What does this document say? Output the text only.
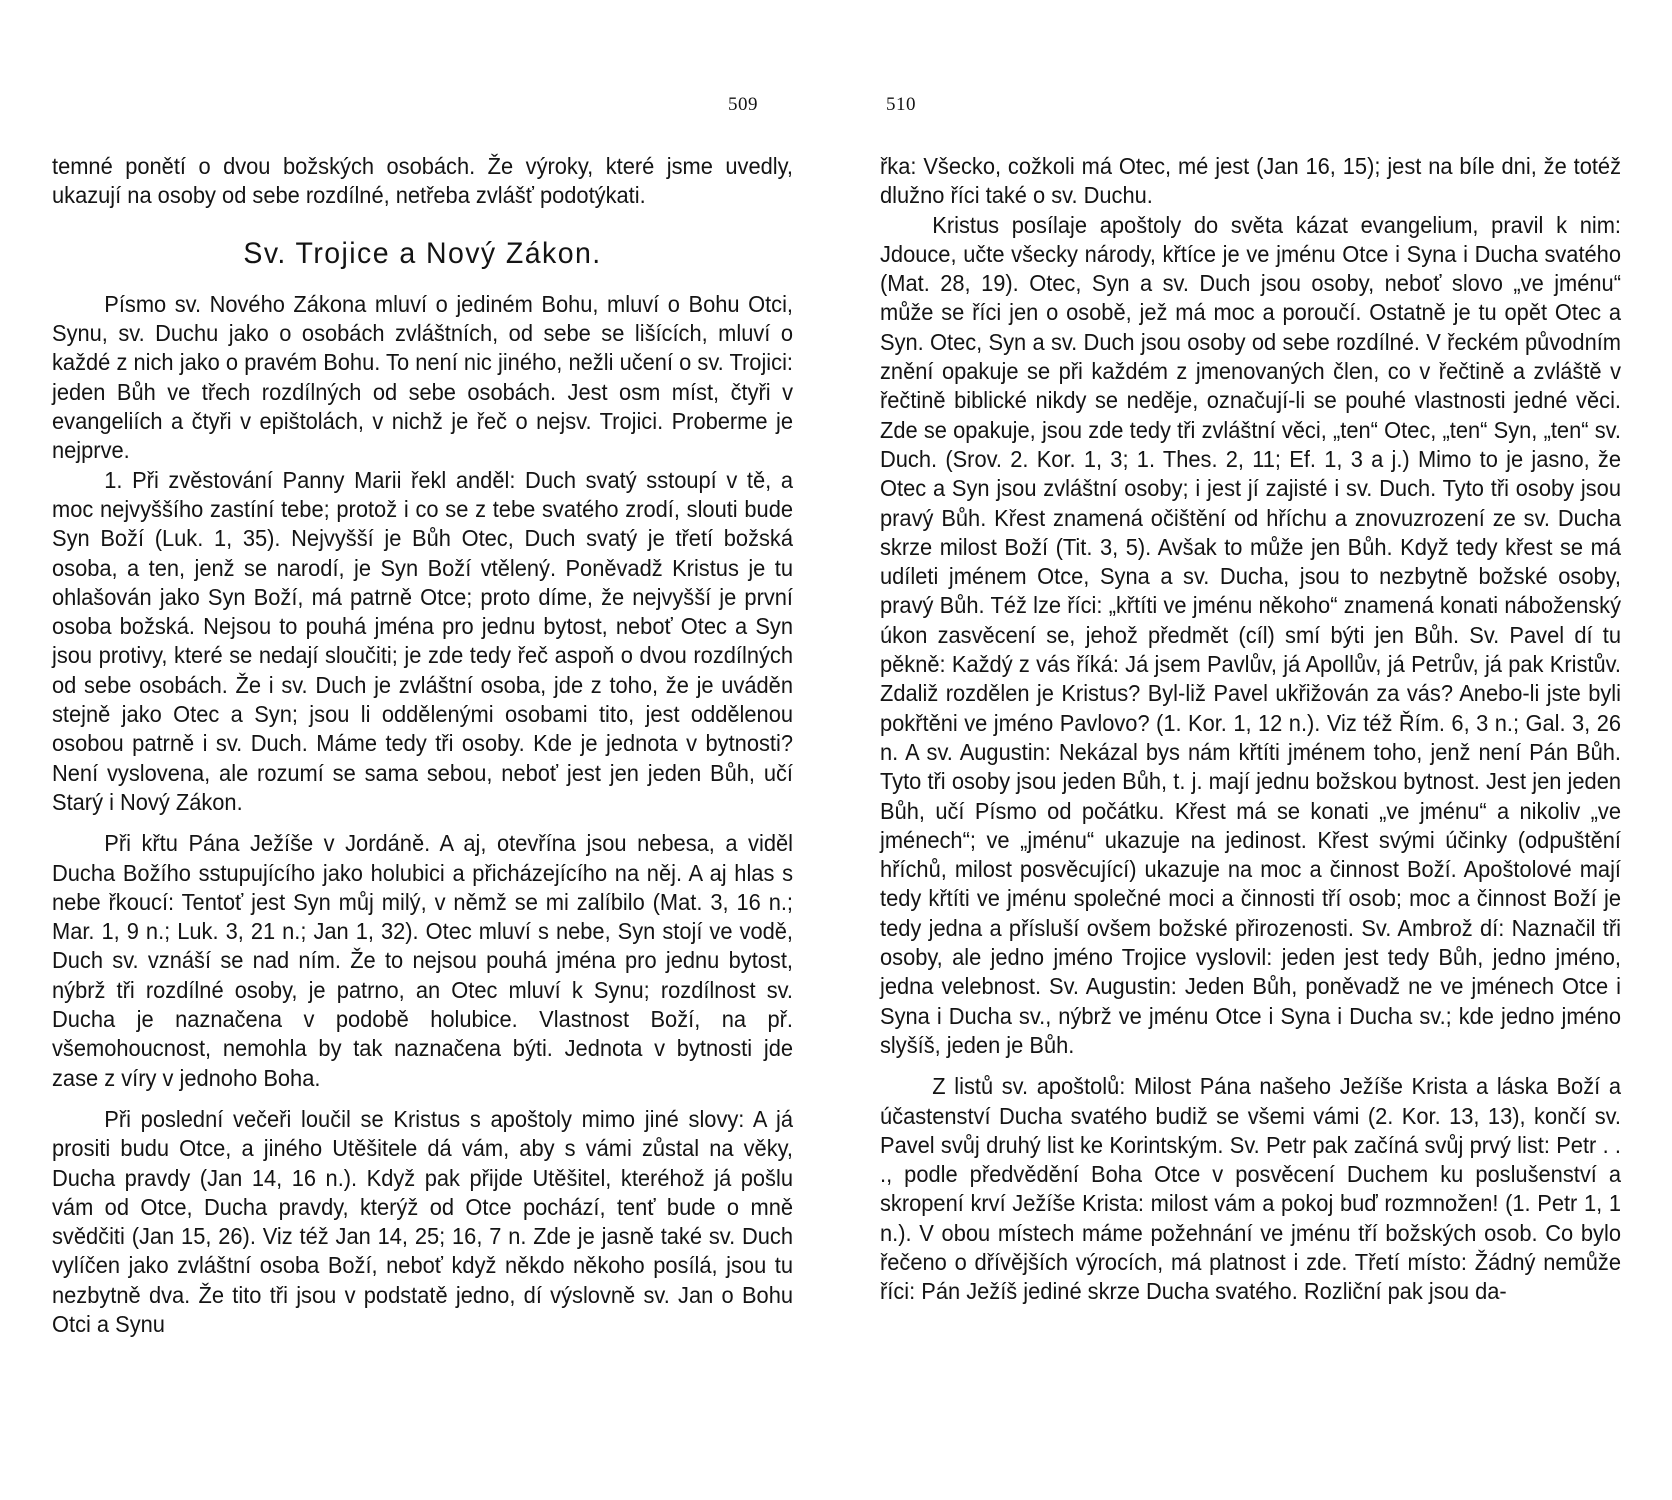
509

temné ponětí o dvou božských osobách. Že výroky, které jsme uvedly, ukazují na osoby od sebe rozdílné, netřeba zvlášť podotýkati.

Sv. Trojice a Nový Zákon.

Písmo sv. Nového Zákona mluví o jediném Bohu, mluví o Bohu Otci, Synu, sv. Duchu jako o osobách zvláštních, od sebe se lišících, mluví o každé z nich jako o pravém Bohu. To není nic jiného, nežli učení o sv. Trojici: jeden Bůh ve třech rozdílných od sebe osobách. Jest osm míst, čtyři v evangeliích a čtyři v epištolách, v nichž je řeč o nejsv. Trojici. Proberme je nejprve.

1. Při zvěstování Panny Marii řekl anděl: Duch svatý sstoupí v tě, a moc nejvyššího zastíní tebe; protož i co se z tebe svatého zrodí, slouti bude Syn Boží (Luk. 1, 35). Nejvyšší je Bůh Otec, Duch svatý je třetí božská osoba, a ten, jenž se narodí, je Syn Boží vtělený. Poněvadž Kristus je tu ohlašován jako Syn Boží, má patrně Otce; proto díme, že nejvyšší je první osoba božská. Nejsou to pouhá jména pro jednu bytost, neboť Otec a Syn jsou protivy, které se nedají sloučiti; je zde tedy řeč aspoň o dvou rozdílných od sebe osobách. Že i sv. Duch je zvláštní osoba, jde z toho, že je uváděn stejně jako Otec a Syn; jsou li oddělenými osobami tito, jest oddělenou osobou patrně i sv. Duch. Máme tedy tři osoby. Kde je jednota v bytnosti? Není vyslovena, ale rozumí se sama sebou, neboť jest jen jeden Bůh, učí Starý i Nový Zákon.

Při křtu Pána Ježíše v Jordáně. A aj, otevřína jsou nebesa, a viděl Ducha Božího sstupujícího jako holubici a přicházejícího na něj. A aj hlas s nebe řkoucí: Tentoť jest Syn můj milý, v němž se mi zalíbilo (Mat. 3, 16 n.; Mar. 1, 9 n.; Luk. 3, 21 n.; Jan 1, 32). Otec mluví s nebe, Syn stojí ve vodě, Duch sv. vznáší se nad ním. Že to nejsou pouhá jména pro jednu bytost, nýbrž tři rozdílné osoby, je patrno, an Otec mluví k Synu; rozdílnost sv. Ducha je naznačena v podobě holubice. Vlastnost Boží, na př. všemohoucnost, nemohla by tak naznačena býti. Jednota v bytnosti jde zase z víry v jednoho Boha.

Při poslední večeři loučil se Kristus s apoštoly mimo jiné slovy: A já prositi budu Otce, a jiného Utěšitele dá vám, aby s vámi zůstal na věky, Ducha pravdy (Jan 14, 16 n.). Když pak přijde Utěšitel, kteréhož já pošlu vám od Otce, Ducha pravdy, kterýž od Otce pochází, tenť bude o mně svědčiti (Jan 15, 26). Viz též Jan 14, 25; 16, 7 n. Zde je jasně také sv. Duch vylíčen jako zvláštní osoba Boží, neboť když někdo někoho posílá, jsou tu nezbytně dva. Že tito tři jsou v podstatě jedno, dí výslovně sv. Jan o Bohu Otci a Synu

510

řka: Všecko, cožkoli má Otec, mé jest (Jan 16, 15); jest na bíle dni, že totéž dlužno říci také o sv. Duchu.

Kristus posílaje apoštoly do světa kázat evangelium, pravil k nim: Jdouce, učte všecky národy, křtíce je ve jménu Otce i Syna i Ducha svatého (Mat. 28, 19). Otec, Syn a sv. Duch jsou osoby, neboť slovo „ve jménu“ může se říci jen o osobě, jež má moc a poroučí. Ostatně je tu opět Otec a Syn. Otec, Syn a sv. Duch jsou osoby od sebe rozdílné. V řeckém původním znění opakuje se při každém z jmenovaných člen, co v řečtině a zvláště v řečtině biblické nikdy se neděje, označují-li se pouhé vlastnosti jedné věci. Zde se opakuje, jsou zde tedy tři zvláštní věci, „ten“ Otec, „ten“ Syn, „ten“ sv. Duch. (Srov. 2. Kor. 1, 3; 1. Thes. 2, 11; Ef. 1, 3 a j.) Mimo to je jasno, že Otec a Syn jsou zvláštní osoby; i jest jí zajisté i sv. Duch. Tyto tři osoby jsou pravý Bůh. Křest znamená očištění od hříchu a znovuzrození ze sv. Ducha skrze milost Boží (Tit. 3, 5). Avšak to může jen Bůh. Když tedy křest se má udíleti jménem Otce, Syna a sv. Ducha, jsou to nezbytně božské osoby, pravý Bůh. Též lze říci: „křtíti ve jménu někoho“ znamená konati náboženský úkon zasvěcení se, jehož předmět (cíl) smí býti jen Bůh. Sv. Pavel dí tu pěkně: Každý z vás říká: Já jsem Pavlův, já Apollův, já Petrův, já pak Kristův. Zdaliž rozdělen je Kristus? Byl-liž Pavel ukřižován za vás? Anebo-li jste byli pokřtěni ve jméno Pavlovo? (1. Kor. 1, 12 n.). Viz též Řím. 6, 3 n.; Gal. 3, 26 n. A sv. Augustin: Nekázal bys nám křtíti jménem toho, jenž není Pán Bůh. Tyto tři osoby jsou jeden Bůh, t. j. mají jednu božskou bytnost. Jest jen jeden Bůh, učí Písmo od počátku. Křest má se konati „ve jménu“ a nikoliv „ve jménech“; ve „jménu“ ukazuje na jedinost. Křest svými účinky (odpuštění hříchů, milost posvěcující) ukazuje na moc a činnost Boží. Apoštolové mají tedy křtíti ve jménu společné moci a činnosti tří osob; moc a činnost Boží je tedy jedna a přísluší ovšem božské přirozenosti. Sv. Ambrož dí: Naznačil tři osoby, ale jedno jméno Trojice vyslovil: jeden jest tedy Bůh, jedno jméno, jedna velebnost. Sv. Augustin: Jeden Bůh, poněvadž ne ve jménech Otce i Syna i Ducha sv., nýbrž ve jménu Otce i Syna i Ducha sv.; kde jedno jméno slyšíš, jeden je Bůh.

Z listů sv. apoštolů: Milost Pána našeho Ježíše Krista a láska Boží a účastenství Ducha svatého budiž se všemi vámi (2. Kor. 13, 13), končí sv. Pavel svůj druhý list ke Korintským. Sv. Petr pak začíná svůj prvý list: Petr . . ., podle předvědění Boha Otce v posvěcení Duchem ku poslušenství a skropení krví Ježíše Krista: milost vám a pokoj buď rozmnožen! (1. Petr 1, 1 n.). V obou místech máme požehnání ve jménu tří božských osob. Co bylo řečeno o dřívějších výrocích, má platnost i zde. Třetí místo: Žádný nemůže říci: Pán Ježíš jediné skrze Ducha svatého. Rozliční pak jsou da-
